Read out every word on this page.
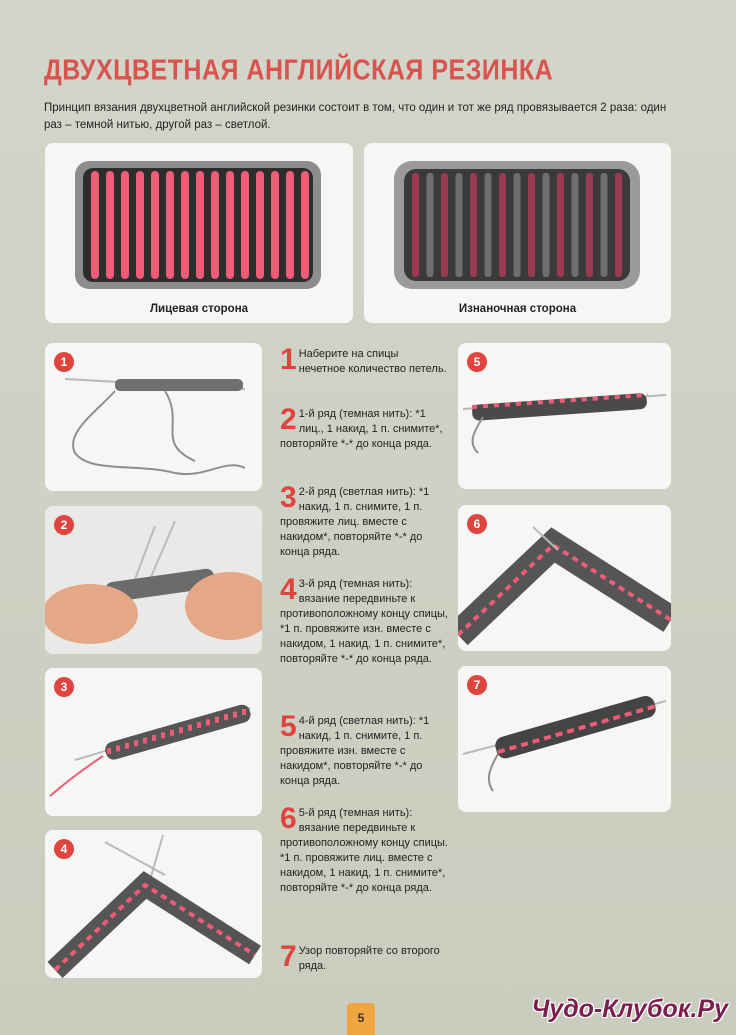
ДВУХЦВЕТНАЯ АНГЛИЙСКАЯ РЕЗИНКА
Принцип вязания двухцветной английской резинки состоит в том, что один и тот же ряд провязывается 2 раза: один раз – темной нитью, другой раз – светлой.
Лицевая сторона	Изнаночная сторона
1
2
3
4
5
6
7
1 Наберите на спицы нечетное количество петель.
2 1-й ряд (темная нить): *1 лиц., 1 накид, 1 п. снимите*, повторяйте *-* до конца ряда.
3 2-й ряд (светлая нить): *1 накид, 1 п. снимите, 1 п. провяжите лиц. вместе с накидом*, повторяйте *-* до конца ряда.
4 3-й ряд (темная нить): вязание передвиньте к противоположному концу спицы, *1 п. провяжите изн. вместе с накидом, 1 накид, 1 п. снимите*, повторяйте *-* до конца ряда.
5 4-й ряд (светлая нить): *1 накид, 1 п. снимите, 1 п. провяжите изн. вместе с накидом*, повторяйте *-* до конца ряда.
6 5-й ряд (темная нить): вязание передвиньте к противоположному концу спицы. *1 п. провяжите лиц. вместе с накидом, 1 накид, 1 п. снимите*, повторяйте *-* до конца ряда.
7 Узор повторяйте со второго ряда.
5	Чудо-Клубок.Ру
